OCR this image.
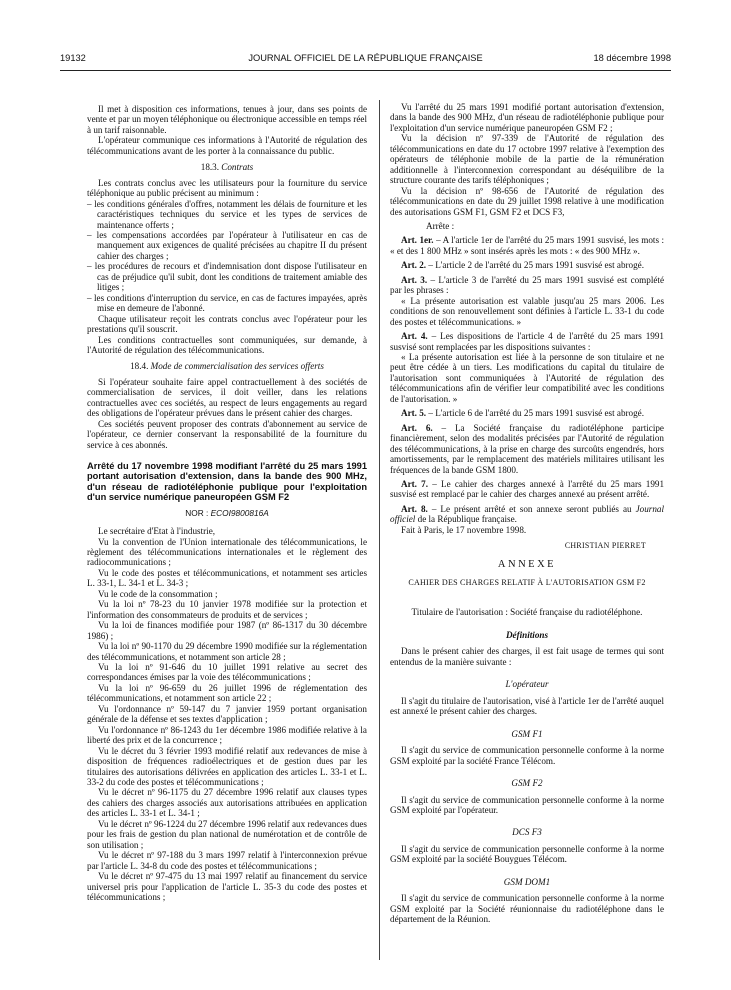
19132	JOURNAL OFFICIEL DE LA RÉPUBLIQUE FRANÇAISE	18 décembre 1998

Il met à disposition ces informations, tenues à jour, dans ses points de vente et par un moyen téléphonique ou électronique accessible en temps réel à un tarif raisonnable.

L'opérateur communique ces informations à l'Autorité de régulation des télécommunications avant de les porter à la connaissance du public.

18.3. Contrats

Les contrats conclus avec les utilisateurs pour la fourniture du service téléphonique au public précisent au minimum :

– les conditions générales d'offres, notamment les délais de fourniture et les caractéristiques techniques du service et les types de services de maintenance offerts ;

– les compensations accordées par l'opérateur à l'utilisateur en cas de manquement aux exigences de qualité précisées au chapitre II du présent cahier des charges ;

– les procédures de recours et d'indemnisation dont dispose l'utilisateur en cas de préjudice qu'il subit, dont les conditions de traitement amiable des litiges ;

– les conditions d'interruption du service, en cas de factures impayées, après mise en demeure de l'abonné.

Chaque utilisateur reçoit les contrats conclus avec l'opérateur pour les prestations qu'il souscrit.

Les conditions contractuelles sont communiquées, sur demande, à l'Autorité de régulation des télécommunications.

18.4. Mode de commercialisation des services offerts

Si l'opérateur souhaite faire appel contractuellement à des sociétés de commercialisation de services, il doit veiller, dans les relations contractuelles avec ces sociétés, au respect de leurs engagements au regard des obligations de l'opérateur prévues dans le présent cahier des charges.

Ces sociétés peuvent proposer des contrats d'abonnement au service de l'opérateur, ce dernier conservant la responsabilité de la fourniture du service à ces abonnés.

Arrêté du 17 novembre 1998 modifiant l'arrêté du 25 mars 1991 portant autorisation d'extension, dans la bande des 900 MHz, d'un réseau de radiotéléphonie publique pour l'exploitation d'un service numérique paneuropéen GSM F2

NOR : ECOI9800816A

Le secrétaire d'Etat à l'industrie,

Vu la convention de l'Union internationale des télécommunications, le règlement des télécommunications internationales et le règlement des radiocommunications ;

Vu le code des postes et télécommunications, et notamment ses articles L. 33-1, L. 34-1 et L. 34-3 ;

Vu le code de la consommation ;

Vu la loi nº 78-23 du 10 janvier 1978 modifiée sur la protection et l'information des consommateurs de produits et de services ;

Vu la loi de finances modifiée pour 1987 (nº 86-1317 du 30 décembre 1986) ;

Vu la loi nº 90-1170 du 29 décembre 1990 modifiée sur la réglementation des télécommunications, et notamment son article 28 ;

Vu la loi nº 91-646 du 10 juillet 1991 relative au secret des correspondances émises par la voie des télécommunications ;

Vu la loi nº 96-659 du 26 juillet 1996 de réglementation des télécommunications, et notamment son article 22 ;

Vu l'ordonnance nº 59-147 du 7 janvier 1959 portant organisation générale de la défense et ses textes d'application ;

Vu l'ordonnance nº 86-1243 du 1er décembre 1986 modifiée relative à la liberté des prix et de la concurrence ;

Vu le décret du 3 février 1993 modifié relatif aux redevances de mise à disposition de fréquences radioélectriques et de gestion dues par les titulaires des autorisations délivrées en application des articles L. 33-1 et L. 33-2 du code des postes et télécommunications ;

Vu le décret nº 96-1175 du 27 décembre 1996 relatif aux clauses types des cahiers des charges associés aux autorisations attribuées en application des articles L. 33-1 et L. 34-1 ;

Vu le décret nº 96-1224 du 27 décembre 1996 relatif aux redevances dues pour les frais de gestion du plan national de numérotation et de contrôle de son utilisation ;

Vu le décret nº 97-188 du 3 mars 1997 relatif à l'interconnexion prévue par l'article L. 34-8 du code des postes et télécommunications ;

Vu le décret nº 97-475 du 13 mai 1997 relatif au financement du service universel pris pour l'application de l'article L. 35-3 du code des postes et télécommunications ;

Vu l'arrêté du 25 mars 1991 modifié portant autorisation d'extension, dans la bande des 900 MHz, d'un réseau de radiotéléphonie publique pour l'exploitation d'un service numérique paneuropéen GSM F2 ;

Vu la décision nº 97-339 de l'Autorité de régulation des télécommunications en date du 17 octobre 1997 relative à l'exemption des opérateurs de téléphonie mobile de la partie de la rémunération additionnelle à l'interconnexion correspondant au déséquilibre de la structure courante des tarifs téléphoniques ;

Vu la décision nº 98-656 de l'Autorité de régulation des télécommunications en date du 29 juillet 1998 relative à une modification des autorisations GSM F1, GSM F2 et DCS F3,

Arrête :

Art. 1er. – A l'article 1er de l'arrêté du 25 mars 1991 susvisé, les mots : « et des 1 800 MHz » sont insérés après les mots : « des 900 MHz ».

Art. 2. – L'article 2 de l'arrêté du 25 mars 1991 susvisé est abrogé.

Art. 3. – L'article 3 de l'arrêté du 25 mars 1991 susvisé est complété par les phrases :

« La présente autorisation est valable jusqu'au 25 mars 2006. Les conditions de son renouvellement sont définies à l'article L. 33-1 du code des postes et télécommunications. »

Art. 4. – Les dispositions de l'article 4 de l'arrêté du 25 mars 1991 susvisé sont remplacées par les dispositions suivantes :

« La présente autorisation est liée à la personne de son titulaire et ne peut être cédée à un tiers. Les modifications du capital du titulaire de l'autorisation sont communiquées à l'Autorité de régulation des télécommunications afin de vérifier leur compatibilité avec les conditions de l'autorisation. »

Art. 5. – L'article 6 de l'arrêté du 25 mars 1991 susvisé est abrogé.

Art. 6. – La Société française du radiotéléphone participe financièrement, selon des modalités précisées par l'Autorité de régulation des télécommunications, à la prise en charge des surcoûts engendrés, hors amortissements, par le remplacement des matériels militaires utilisant les fréquences de la bande GSM 1800.

Art. 7. – Le cahier des charges annexé à l'arrêté du 25 mars 1991 susvisé est remplacé par le cahier des charges annexé au présent arrêté.

Art. 8. – Le présent arrêté et son annexe seront publiés au Journal officiel de la République française.

Fait à Paris, le 17 novembre 1998.

CHRISTIAN PIERRET

ANNEXE

CAHIER DES CHARGES RELATIF À L'AUTORISATION GSM F2

Titulaire de l'autorisation : Société française du radiotéléphone.

Définitions

Dans le présent cahier des charges, il est fait usage de termes qui sont entendus de la manière suivante :

L'opérateur

Il s'agit du titulaire de l'autorisation, visé à l'article 1er de l'arrêté auquel est annexé le présent cahier des charges.

GSM F1

Il s'agit du service de communication personnelle conforme à la norme GSM exploité par la société France Télécom.

GSM F2

Il s'agit du service de communication personnelle conforme à la norme GSM exploité par l'opérateur.

DCS F3

Il s'agit du service de communication personnelle conforme à la norme GSM exploité par la société Bouygues Télécom.

GSM DOM1

Il s'agit du service de communication personnelle conforme à la norme GSM exploité par la Société réunionnaise du radiotéléphone dans le département de la Réunion.
